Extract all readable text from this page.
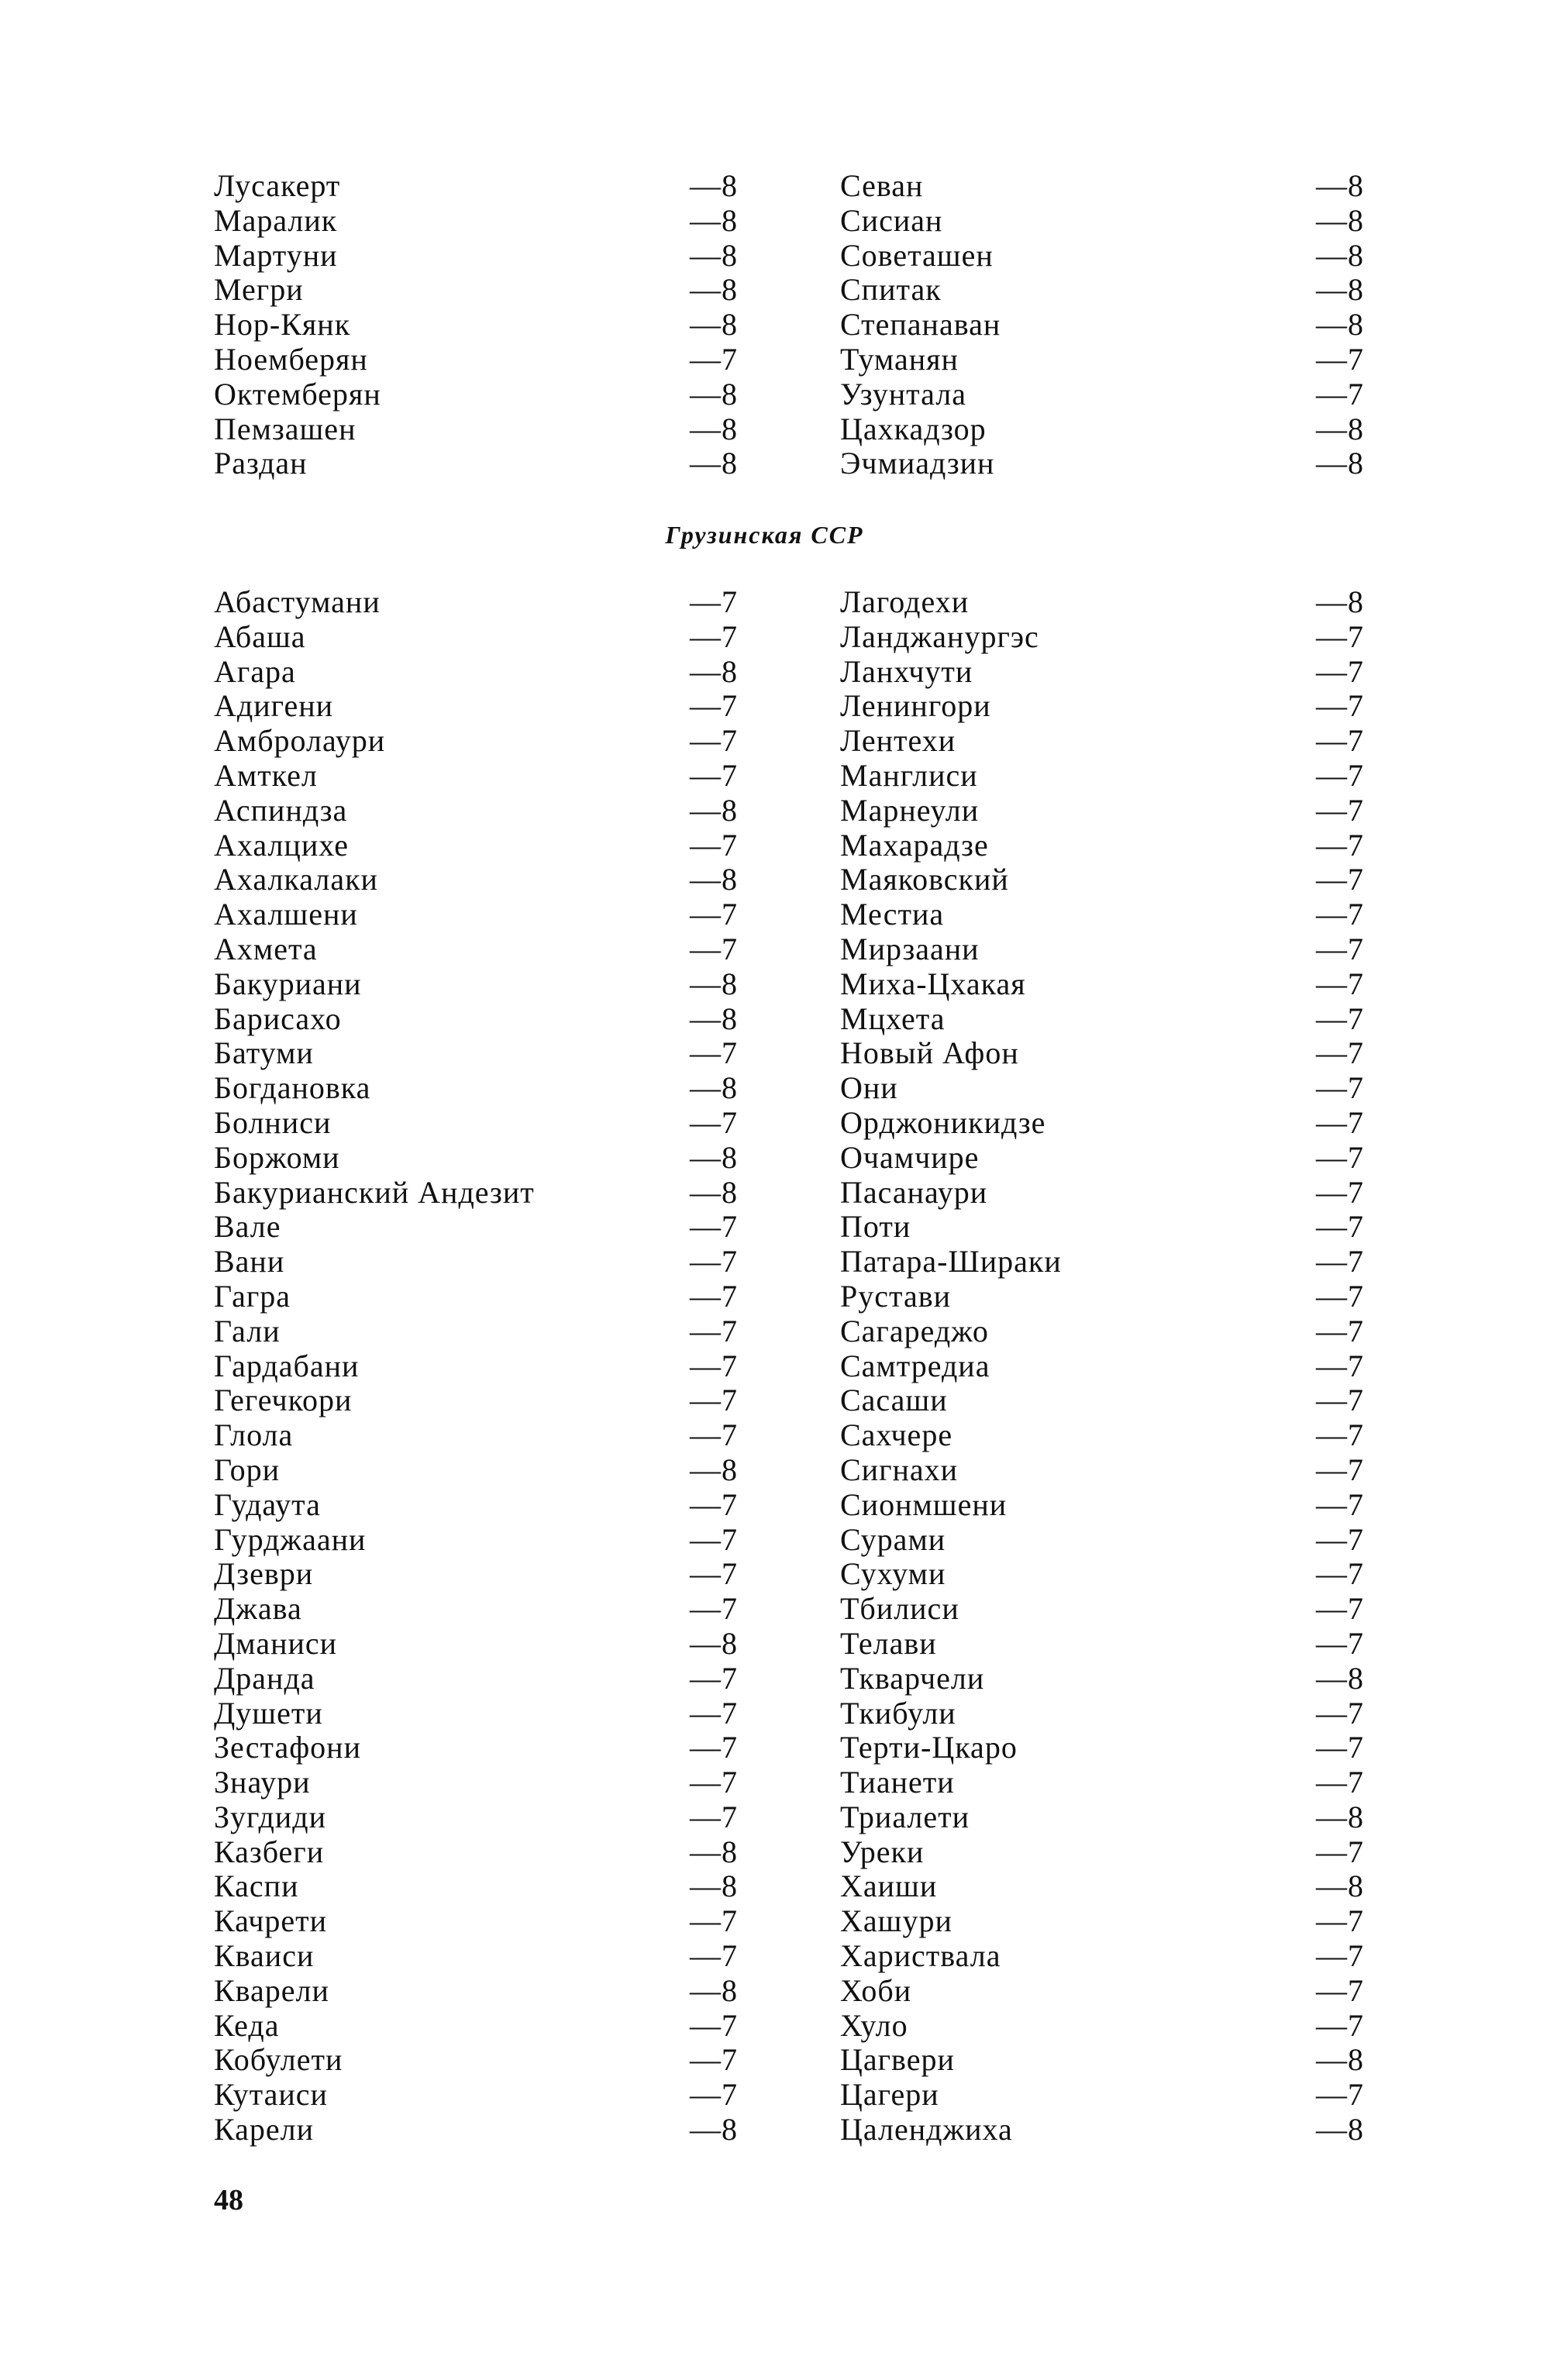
Лусакерт	—8
Маралик	—8
Мартуни	—8
Мегри	—8
Нор-Кянк	—8
Ноемберян	—7
Октемберян	—8
Пемзашен	—8
Раздан	—8
Севан	—8
Сисиан	—8
Советашен	—8
Спитак	—8
Степанаван	—8
Туманян	—7
Узунтала	—7
Цахкадзор	—8
Эчмиадзин	—8
Грузинская ССР
Абастумани	—7
Абаша	—7
Агара	—8
Адигени	—7
Амбролаури	—7
Амткел	—7
Аспиндза	—8
Ахалцихе	—7
Ахалкалаки	—8
Ахалшени	—7
Ахмета	—7
Бакуриани	—8
Барисахо	—8
Батуми	—7
Богдановка	—8
Болниси	—7
Боржоми	—8
Бакурианский Андезит	—8
Вале	—7
Вани	—7
Гагра	—7
Гали	—7
Гардабани	—7
Гегечкори	—7
Глола	—7
Гори	—8
Гудаута	—7
Гурджаани	—7
Дзеври	—7
Джава	—7
Дманиси	—8
Дранда	—7
Душети	—7
Зестафони	—7
Знаури	—7
Зугдиди	—7
Казбеги	—8
Каспи	—8
Качрети	—7
Кваиси	—7
Кварели	—8
Кеда	—7
Кобулети	—7
Кутаиси	—7
Карели	—8
Лагодехи	—8
Ланджанургэс	—7
Ланхчути	—7
Ленингори	—7
Лентехи	—7
Манглиси	—7
Марнеули	—7
Махарадзе	—7
Маяковский	—7
Местиа	—7
Мирзаани	—7
Миха-Цхакая	—7
Мцхета	—7
Новый Афон	—7
Они	—7
Орджоникидзе	—7
Очамчире	—7
Пасанаури	—7
Поти	—7
Патара-Шираки	—7
Рустави	—7
Сагареджо	—7
Самтредиа	—7
Сасаши	—7
Сахчере	—7
Сигнахи	—7
Сионмшени	—7
Сурами	—7
Сухуми	—7
Тбилиси	—7
Телави	—7
Ткварчели	—8
Ткибули	—7
Терти-Цкаро	—7
Тианети	—7
Триалети	—8
Уреки	—7
Хаиши	—8
Хашури	—7
Хариствала	—7
Хоби	—7
Хуло	—7
Цагвери	—8
Цагери	—7
Цаленджиха	—8
48
